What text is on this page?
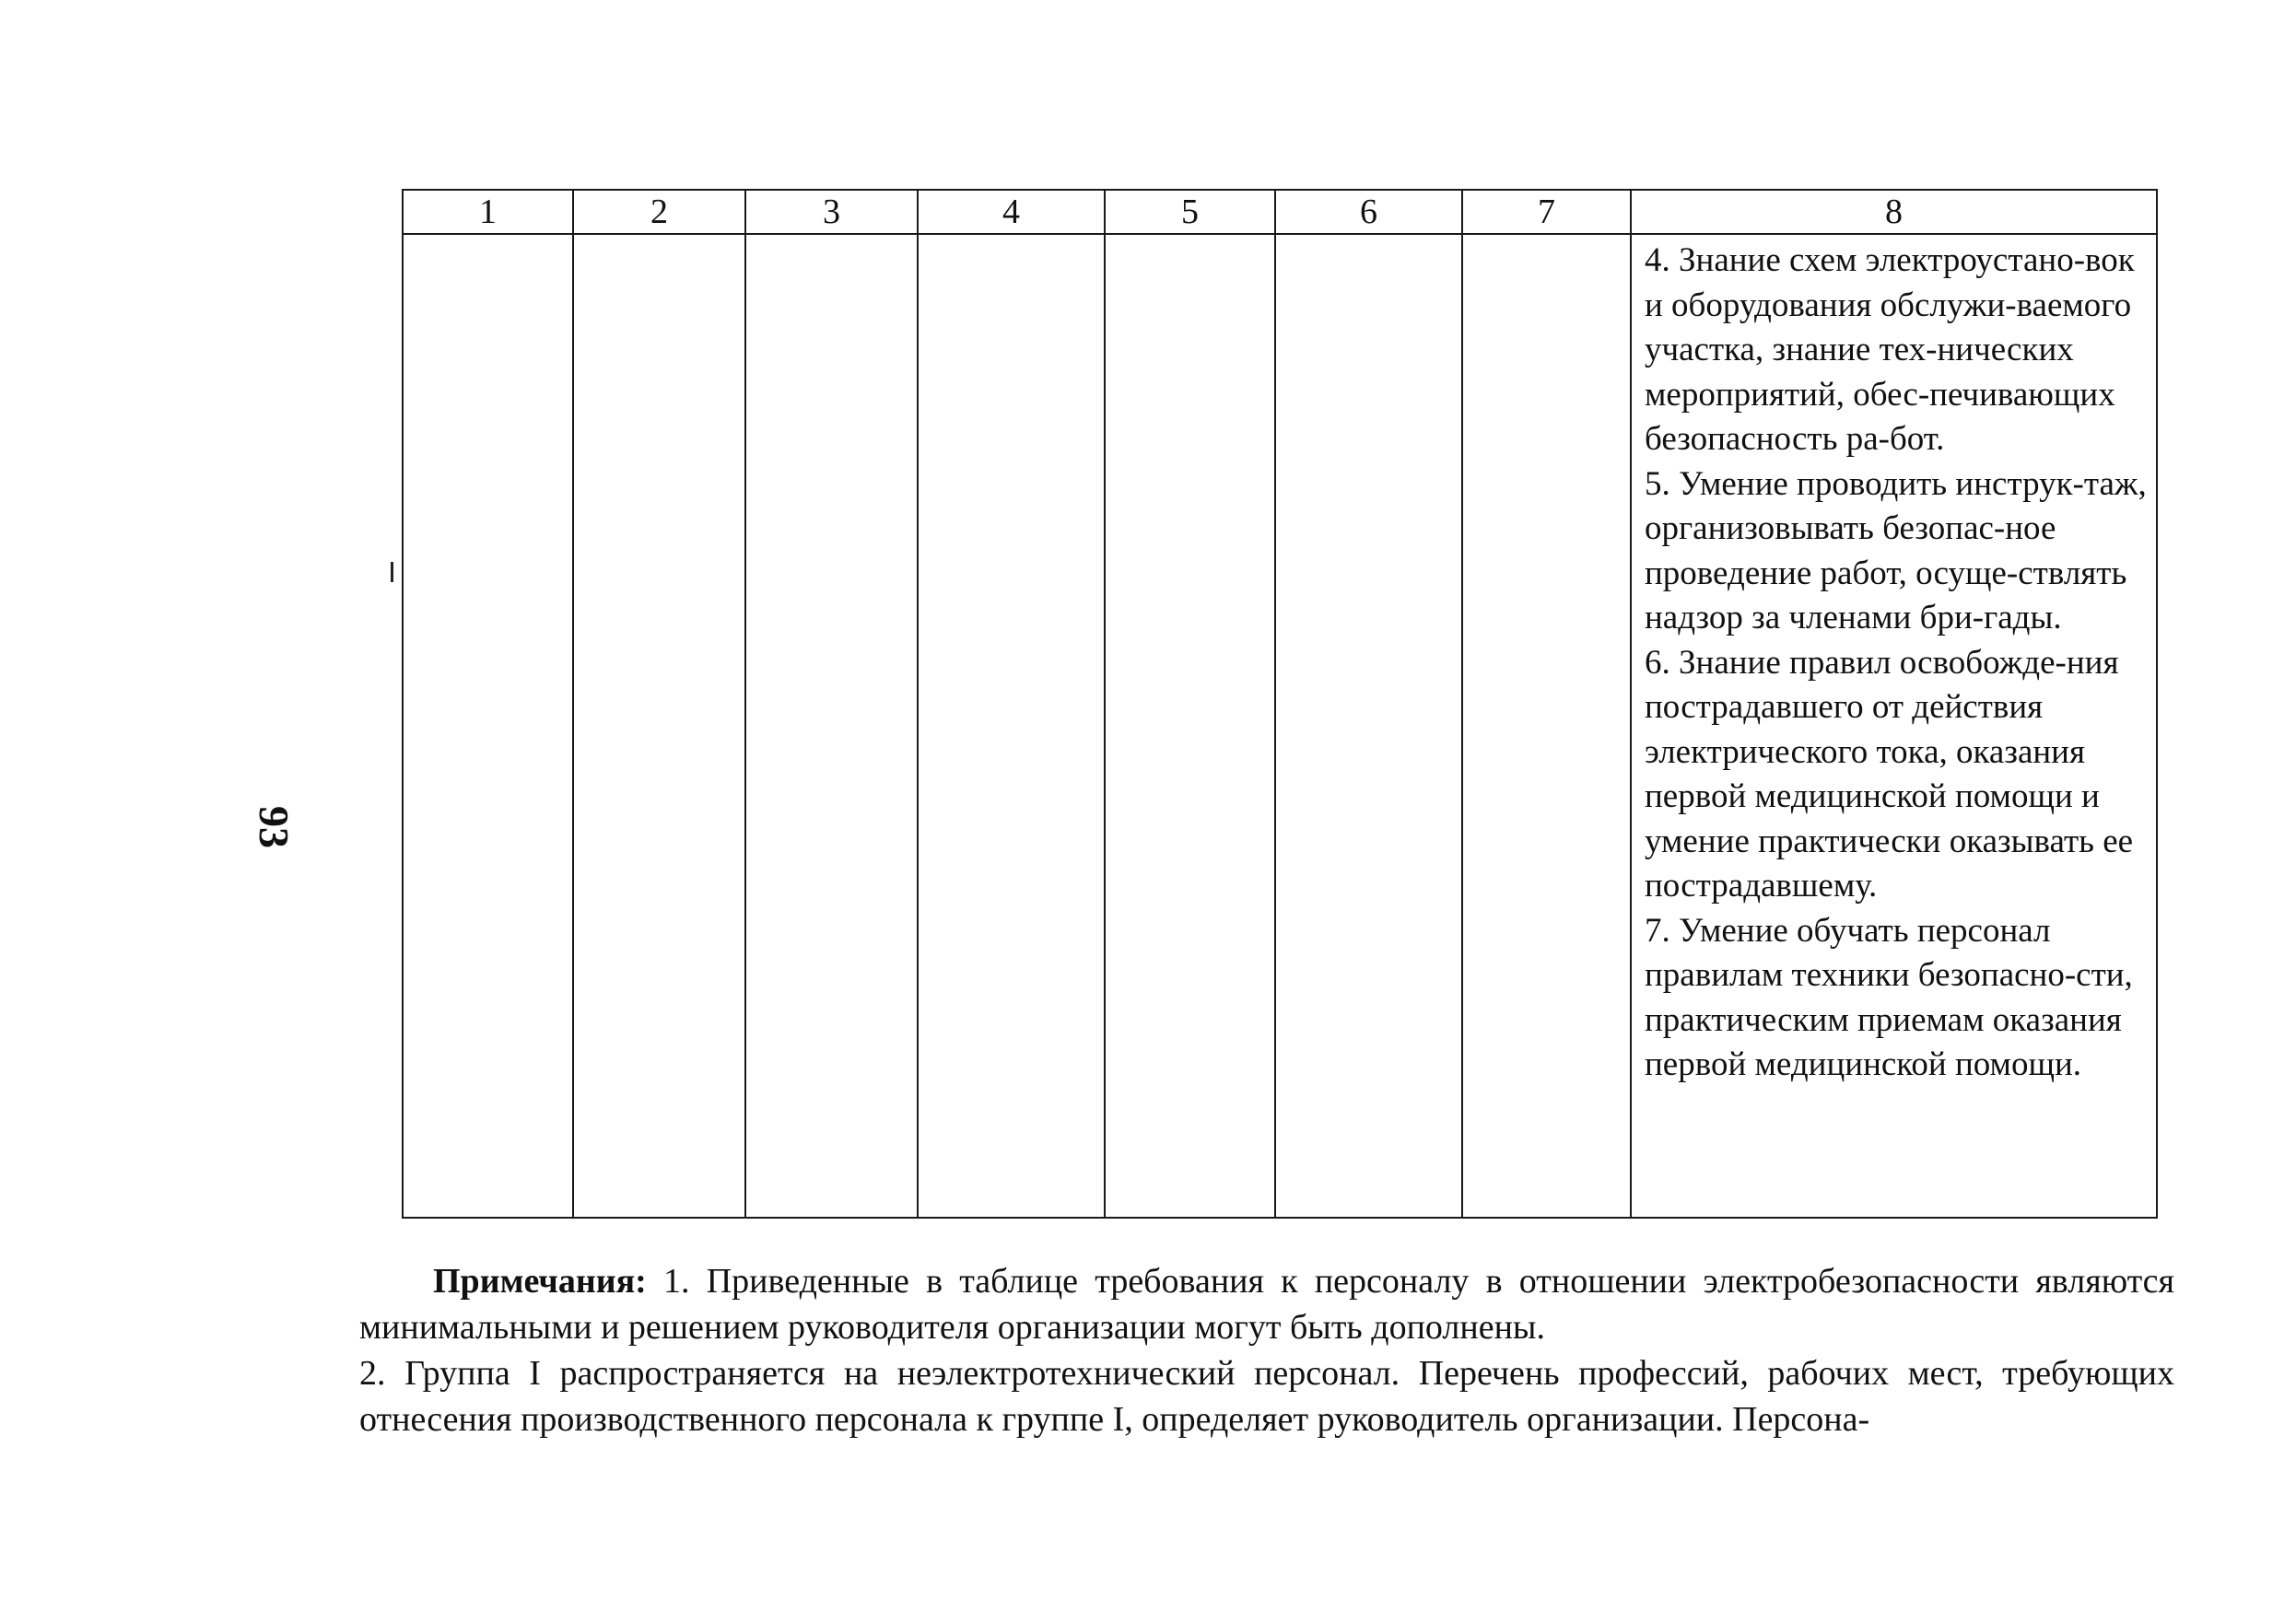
93
1	2	3	4	5	6	7	8

							4. Знание схем электроустано-вок и оборудования обслужи-ваемого участка, знание тех-нических мероприятий, обес-печивающих безопасность ра-бот.
5. Умение проводить инструк-таж, организовывать безопас-ное проведение работ, осуще-ствлять надзор за членами бри-гады.
6. Знание правил освобожде-ния пострадавшего от действия электрического тока, оказания первой медицинской помощи и умение практически оказывать ее пострадавшему.
7. Умение обучать персонал правилам техники безопасно-сти, практическим приемам оказания первой медицинской помощи.

Примечания: 1. Приведенные в таблице требования к персоналу в отношении электробезопасности являются минимальными и решением руководителя организации могут быть дополнены.

2. Группа I распространяется на неэлектротехнический персонал. Перечень профессий, рабочих мест, требующих отнесения производственного персонала к группе I, определяет руководитель организации. Персона-
